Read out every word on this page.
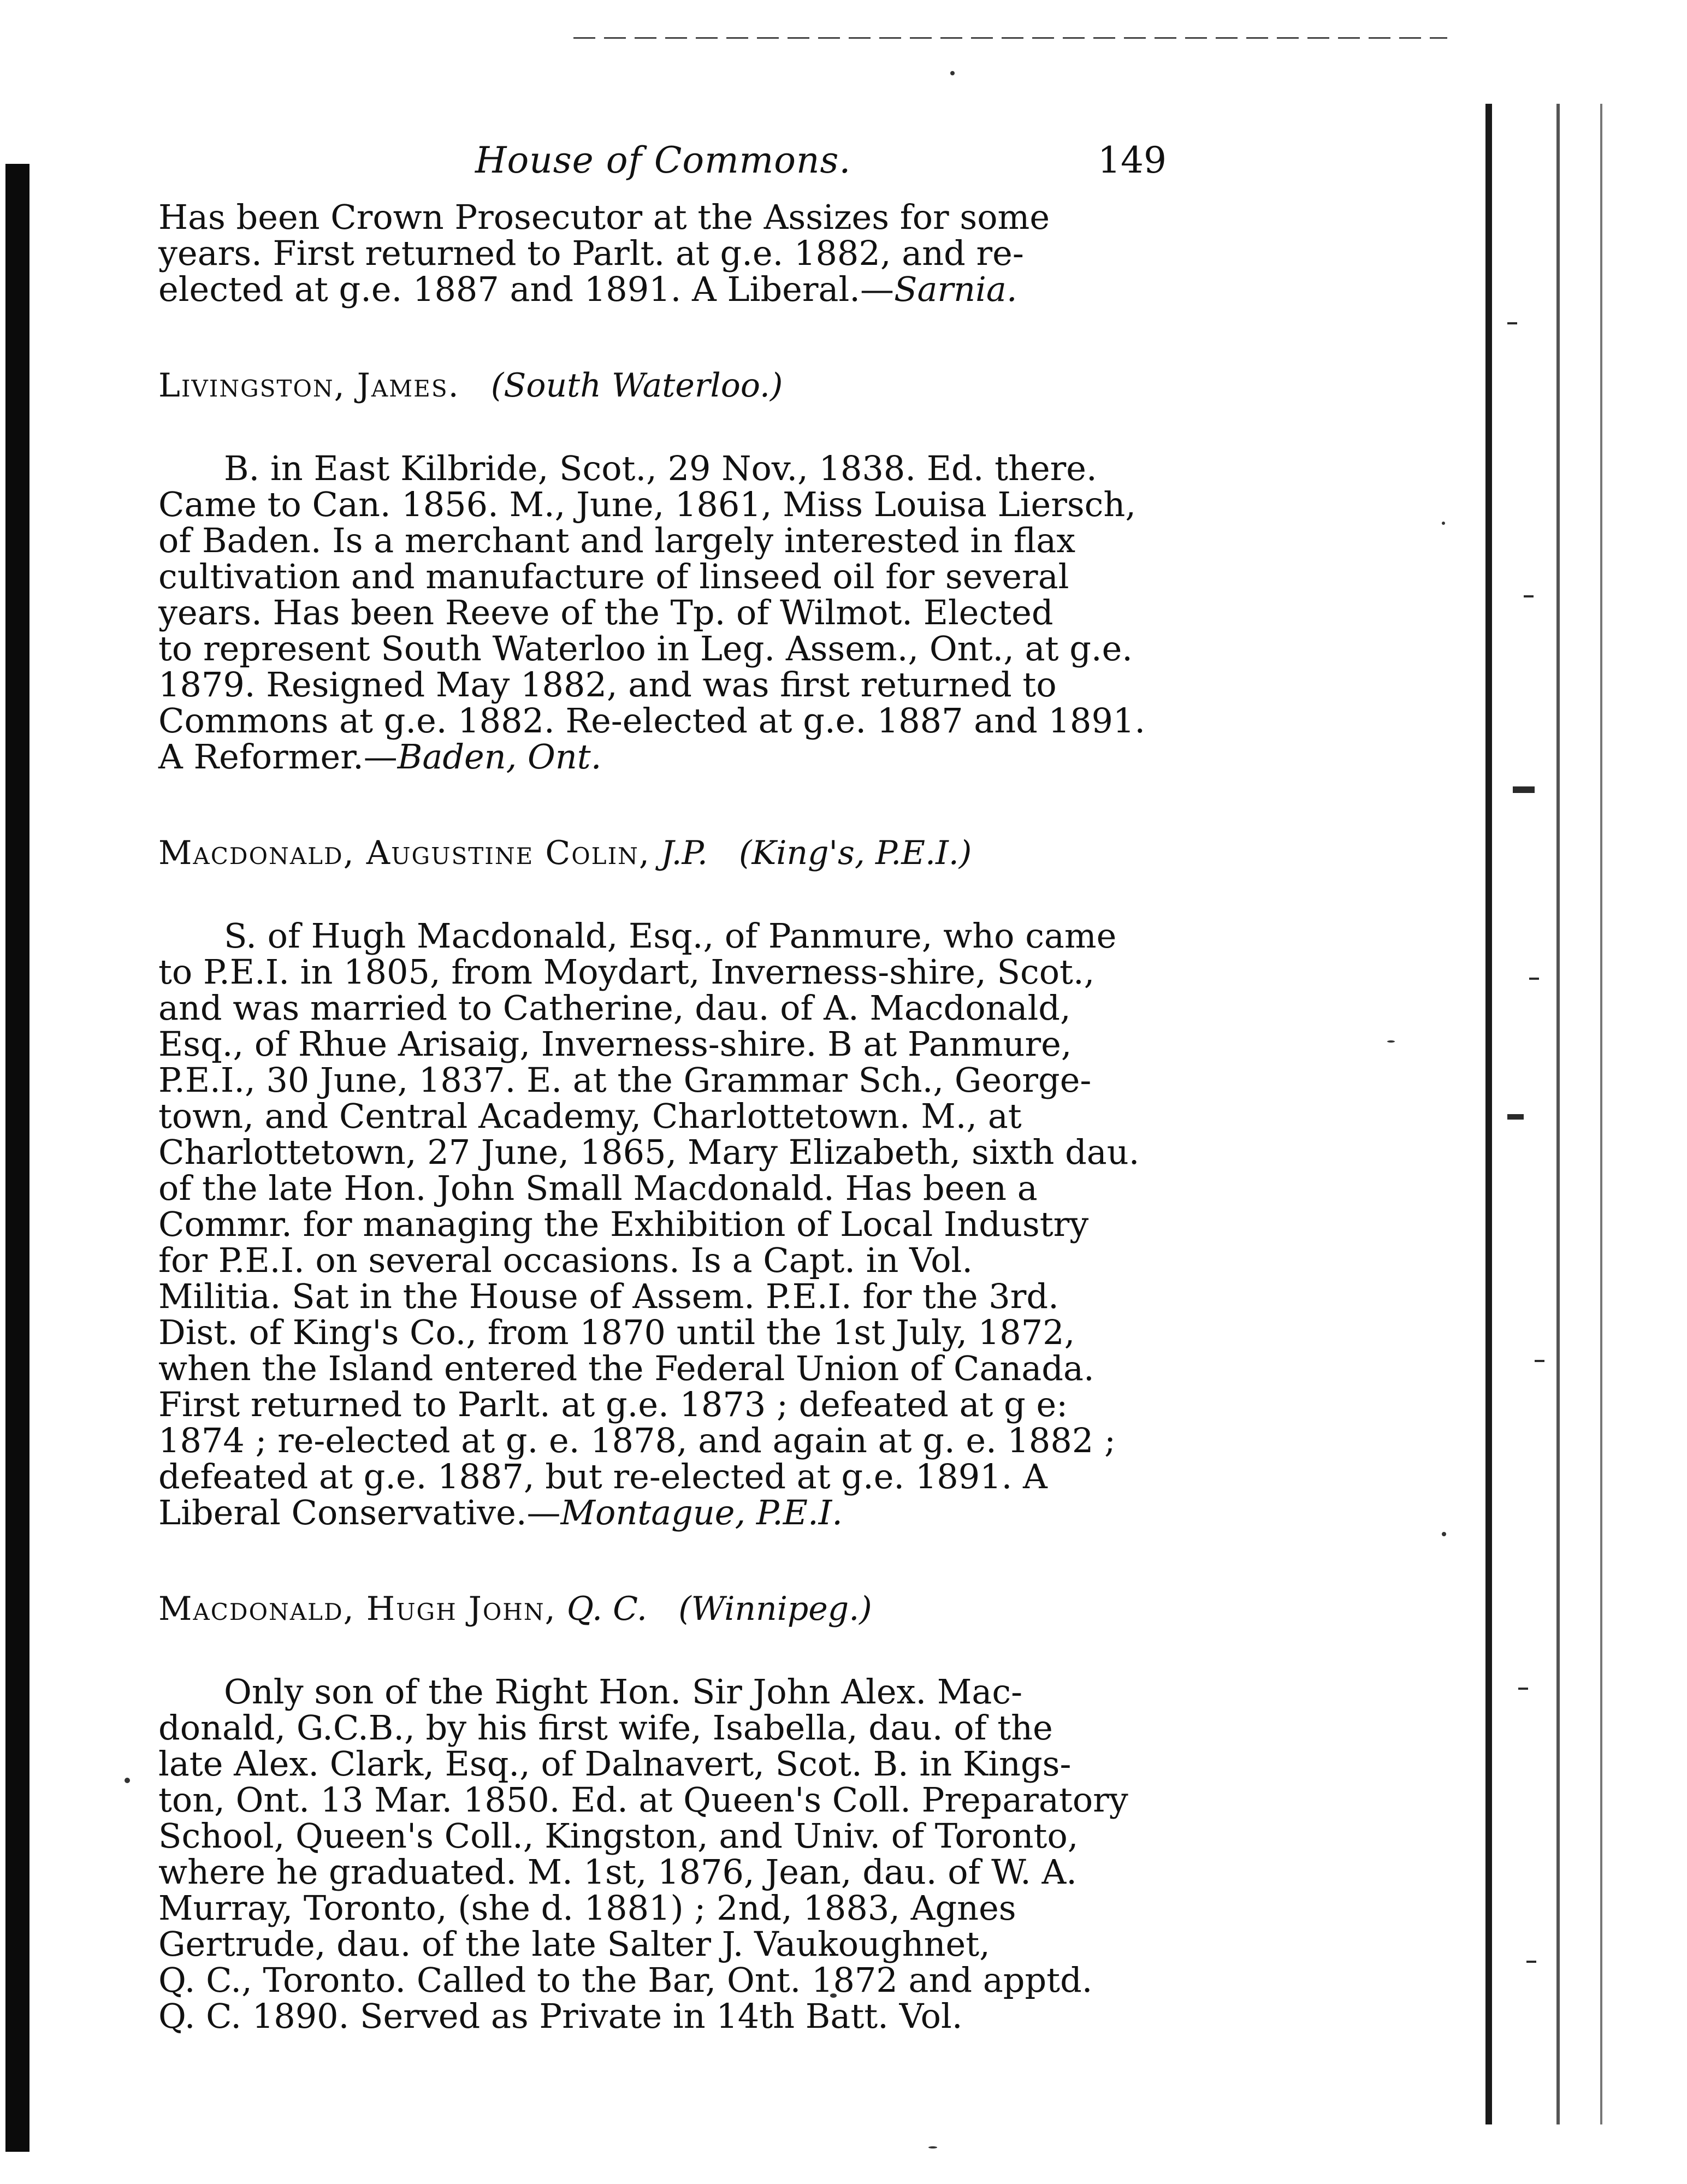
House of Commons.	149

Has been Crown Prosecutor at the Assizes for some
years. First returned to Parlt. at g.e. 1882, and re-
elected at g.e. 1887 and 1891. A Liberal.—Sarnia.

Livingston, James. (South Waterloo.)

B. in East Kilbride, Scot., 29 Nov., 1838. Ed. there.
Came to Can. 1856. M., June, 1861, Miss Louisa Liersch,
of Baden. Is a merchant and largely interested in flax
cultivation and manufacture of linseed oil for several
years. Has been Reeve of the Tp. of Wilmot. Elected
to represent South Waterloo in Leg. Assem., Ont., at g.e.
1879. Resigned May 1882, and was first returned to
Commons at g.e. 1882. Re-elected at g.e. 1887 and 1891.
A Reformer.—Baden, Ont.

Macdonald, Augustine Colin, J.P. (King's, P.E.I.)

S. of Hugh Macdonald, Esq., of Panmure, who came
to P.E.I. in 1805, from Moydart, Inverness-shire, Scot.,
and was married to Catherine, dau. of A. Macdonald,
Esq., of Rhue Arisaig, Inverness-shire. B at Panmure,
P.E.I., 30 June, 1837. E. at the Grammar Sch., George-
town, and Central Academy, Charlottetown. M., at
Charlottetown, 27 June, 1865, Mary Elizabeth, sixth dau.
of the late Hon. John Small Macdonald. Has been a
Commr. for managing the Exhibition of Local Industry
for P.E.I. on several occasions. Is a Capt. in Vol.
Militia. Sat in the House of Assem. P.E.I. for the 3rd.
Dist. of King's Co., from 1870 until the 1st July, 1872,
when the Island entered the Federal Union of Canada.
First returned to Parlt. at g.e. 1873 ; defeated at g e:
1874 ; re-elected at g. e. 1878, and again at g. e. 1882 ;
defeated at g.e. 1887, but re-elected at g.e. 1891. A
Liberal Conservative.—Montague, P.E.I.

Macdonald, Hugh John, Q. C. (Winnipeg.)

Only son of the Right Hon. Sir John Alex. Mac-
donald, G.C.B., by his first wife, Isabella, dau. of the
late Alex. Clark, Esq., of Dalnavert, Scot. B. in Kings-
ton, Ont. 13 Mar. 1850. Ed. at Queen's Coll. Preparatory
School, Queen's Coll., Kingston, and Univ. of Toronto,
where he graduated. M. 1st, 1876, Jean, dau. of W. A.
Murray, Toronto, (she d. 1881) ; 2nd, 1883, Agnes
Gertrude, dau. of the late Salter J. Vaukoughnet,
Q. C., Toronto. Called to the Bar, Ont. 1872 and apptd.
Q. C. 1890. Served as Private in 14th Batt. Vol.
